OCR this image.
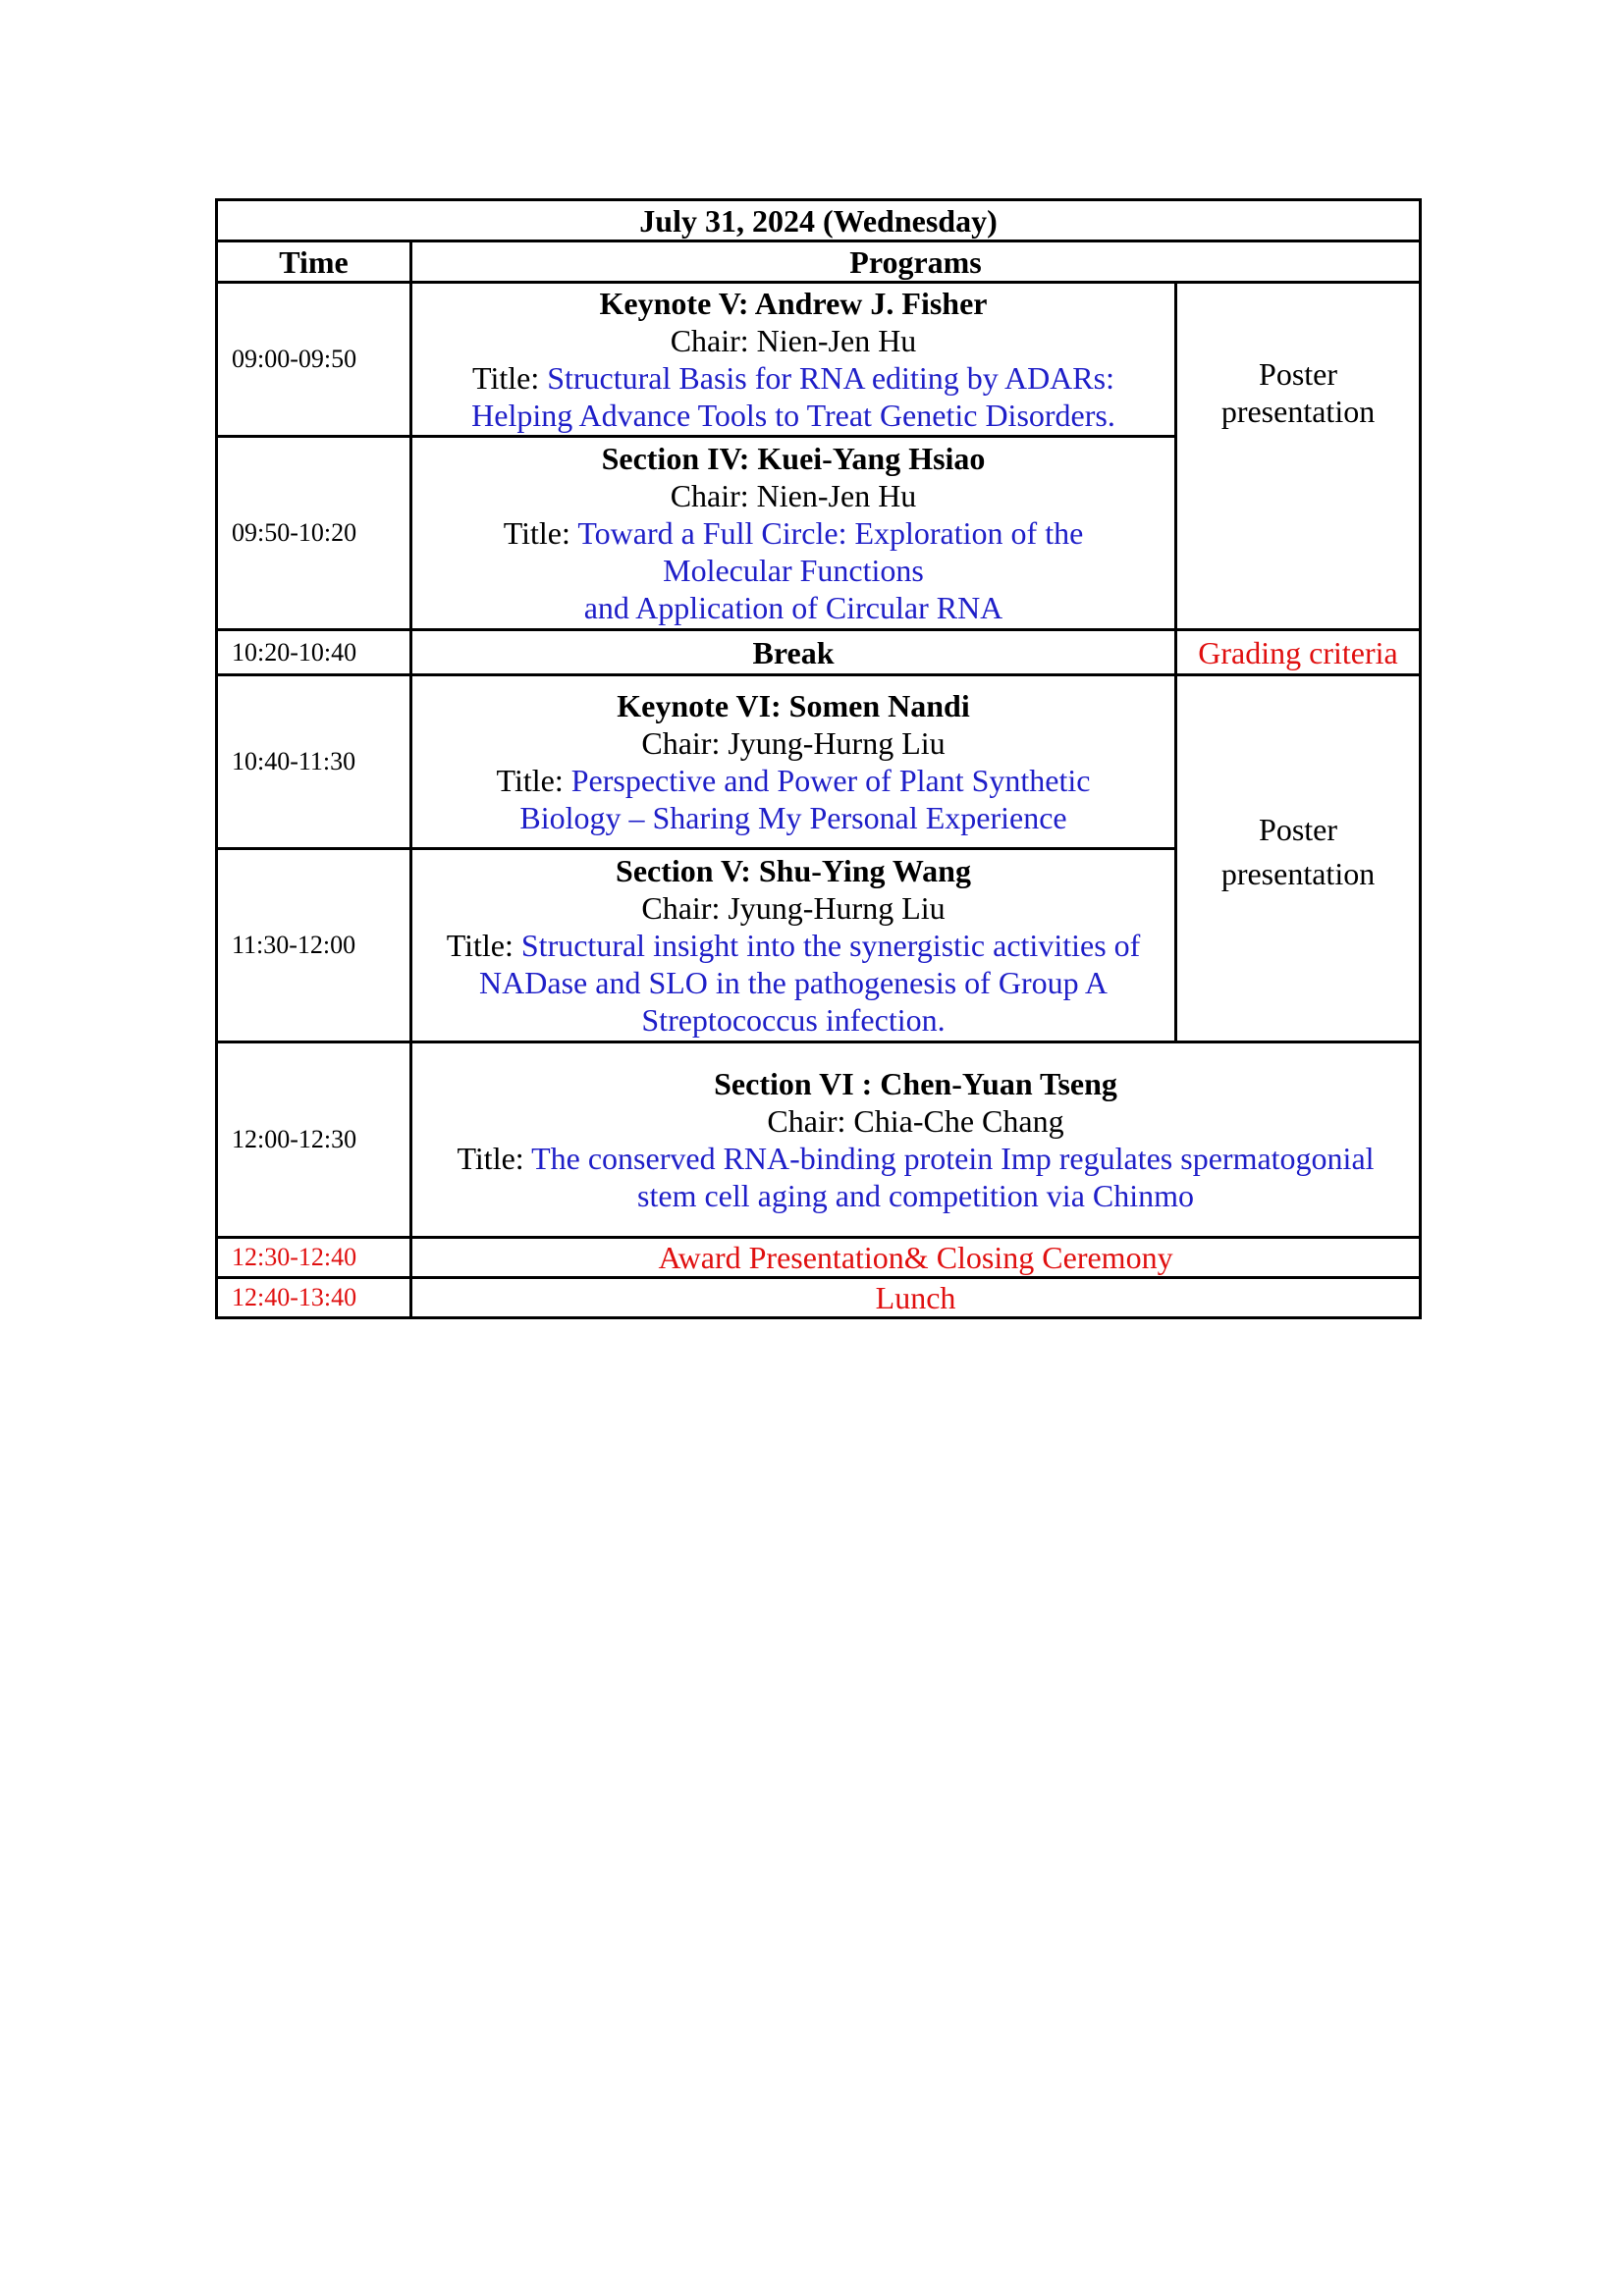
July 31, 2024 (Wednesday)		
Time	Programs	
09:00-09:50	Keynote V: Andrew J. Fisher
Chair: Nien-Jen Hu
Title: Structural Basis for RNA editing by ADARs:
Helping Advance Tools to Treat Genetic Disorders.	Poster
presentation

09:50-10:20	Section IV: Kuei-Yang Hsiao
Chair: Nien-Jen Hu
Title: Toward a Full Circle: Exploration of the
Molecular Functions
and Application of Circular RNA	

10:20-10:40	Break	Grading criteria
10:40-11:30	Keynote VI: Somen Nandi
Chair: Jyung-Hurng Liu
Title: Perspective and Power of Plant Synthetic
Biology – Sharing My Personal Experience	Poster
presentation

11:30-12:00	Section V: Shu-Ying Wang
Chair: Jyung-Hurng Liu
Title: Structural insight into the synergistic activities of
NADase and SLO in the pathogenesis of Group A
Streptococcus infection.	

12:00-12:30	Section VI : Chen-Yuan Tseng
Chair: Chia-Che Chang
Title: The conserved RNA-binding protein Imp regulates spermatogonial
stem cell aging and competition via Chinmo	

12:30-12:40	Award Presentation& Closing Ceremony	
12:40-13:40	Lunch	
